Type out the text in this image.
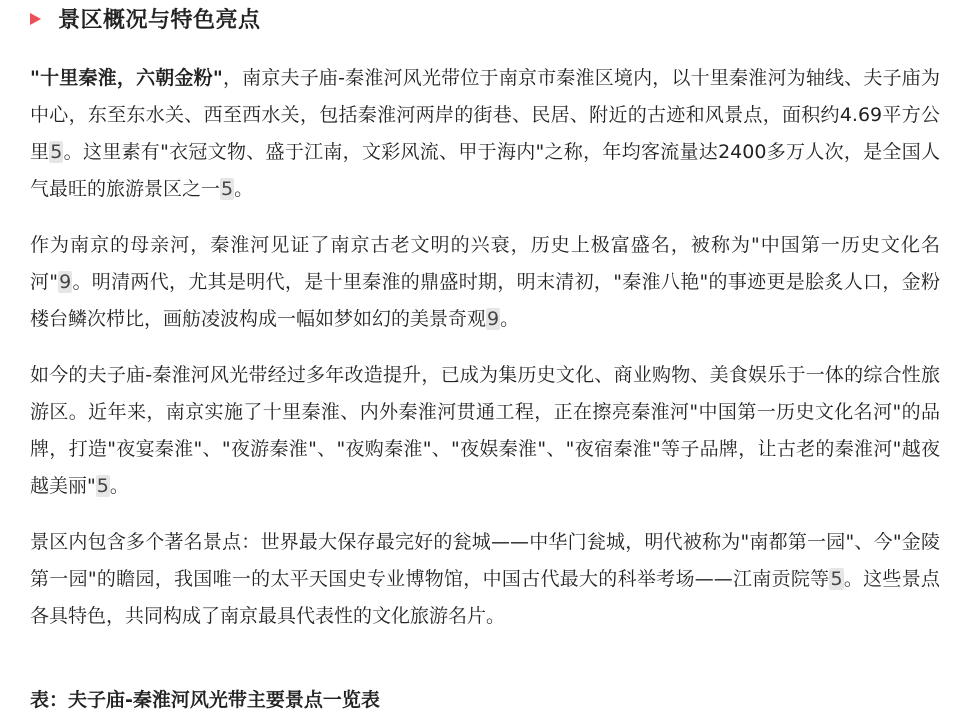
景区概况与特色亮点

"十里秦淮，六朝金粉"，南京夫子庙-秦淮河风光带位于南京市秦淮区境内，以十里秦淮河为轴线、夫子庙为中心，东至东水关、西至西水关，包括秦淮河两岸的街巷、民居、附近的古迹和风景点，面积约4.69平方公里5。这里素有"衣冠文物、盛于江南，文彩风流、甲于海内"之称，年均客流量达2400多万人次，是全国人气最旺的旅游景区之一5。

作为南京的母亲河，秦淮河见证了南京古老文明的兴衰，历史上极富盛名，被称为"中国第一历史文化名河"9。明清两代，尤其是明代，是十里秦淮的鼎盛时期，明末清初，"秦淮八艳"的事迹更是脍炙人口，金粉楼台鳞次栉比，画舫凌波构成一幅如梦如幻的美景奇观9。

如今的夫子庙-秦淮河风光带经过多年改造提升，已成为集历史文化、商业购物、美食娱乐于一体的综合性旅游区。近年来，南京实施了十里秦淮、内外秦淮河贯通工程，正在擦亮秦淮河"中国第一历史文化名河"的品牌，打造"夜宴秦淮"、"夜游秦淮"、"夜购秦淮"、"夜娱秦淮"、"夜宿秦淮"等子品牌，让古老的秦淮河"越夜越美丽"5。

景区内包含多个著名景点：世界最大保存最完好的瓮城——中华门瓮城，明代被称为"南都第一园"、今"金陵第一园"的瞻园，我国唯一的太平天国史专业博物馆，中国古代最大的科举考场——江南贡院等5。这些景点各具特色，共同构成了南京最具代表性的文化旅游名片。

表：夫子庙-秦淮河风光带主要景点一览表
